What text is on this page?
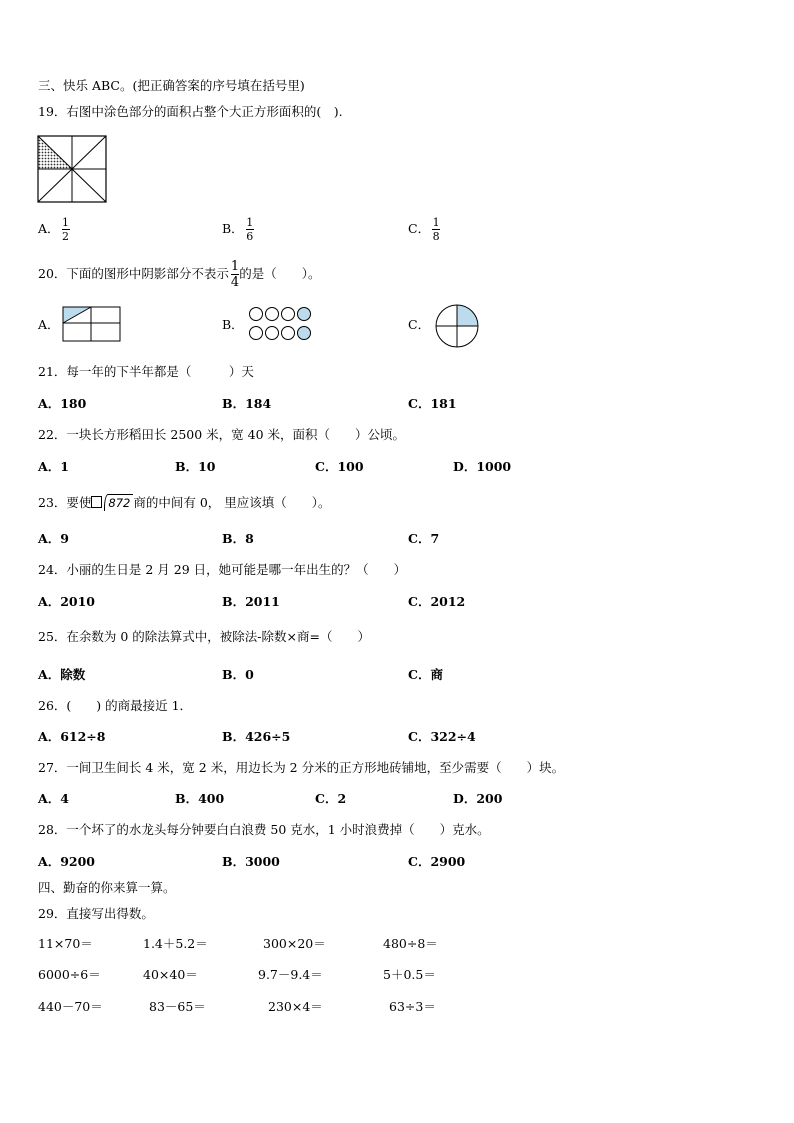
三、快乐 ABC。(把正确答案的序号填在括号里)
19．右图中涂色部分的面积占整个大正方形面积的(　).
A． $\frac{1}{2}$	B． $\frac{1}{6}$	C． $\frac{1}{8}$
20．下面的图形中阴影部分不表示 $\frac{1}{4}$ 的是（　　）。
A．	B．	C．
21．每一年的下半年都是（　　　）天
A．180	B．184	C．181
22．一块长方形稻田长 2500 米，宽 40 米，面积（　　）公顷。
A．1	B．10	C．100	D．1000
23．要使 872 商的中间有 0， 里应该填（　　）。
A．9	B．8	C．7
24．小丽的生日是 2 月 29 日，她可能是哪一年出生的？（　　）
A．2010	B．2011	C．2012
25．在余数为 0 的除法算式中，被除法-除数×商=（　　）
A．除数	B．0	C．商
26．(　　) 的商最接近 1．
A．612÷8	B．426÷5	C．322÷4
27．一间卫生间长 4 米，宽 2 米，用边长为 2 分米的正方形地砖铺地，至少需要（　　）块。
A．4	B．400	C．2	D．200
28．一个坏了的水龙头每分钟要白白浪费 50 克水，1 小时浪费掉（　　）克水。
A．9200	B．3000	C．2900
四、勤奋的你来算一算。
29．直接写出得数。
11×70＝	1.4＋5.2＝	300×20＝	480÷8＝
6000÷6＝	40×40＝	9.7－9.4＝	5＋0.5＝
440－70＝	83－65＝	230×4＝	63÷3＝
